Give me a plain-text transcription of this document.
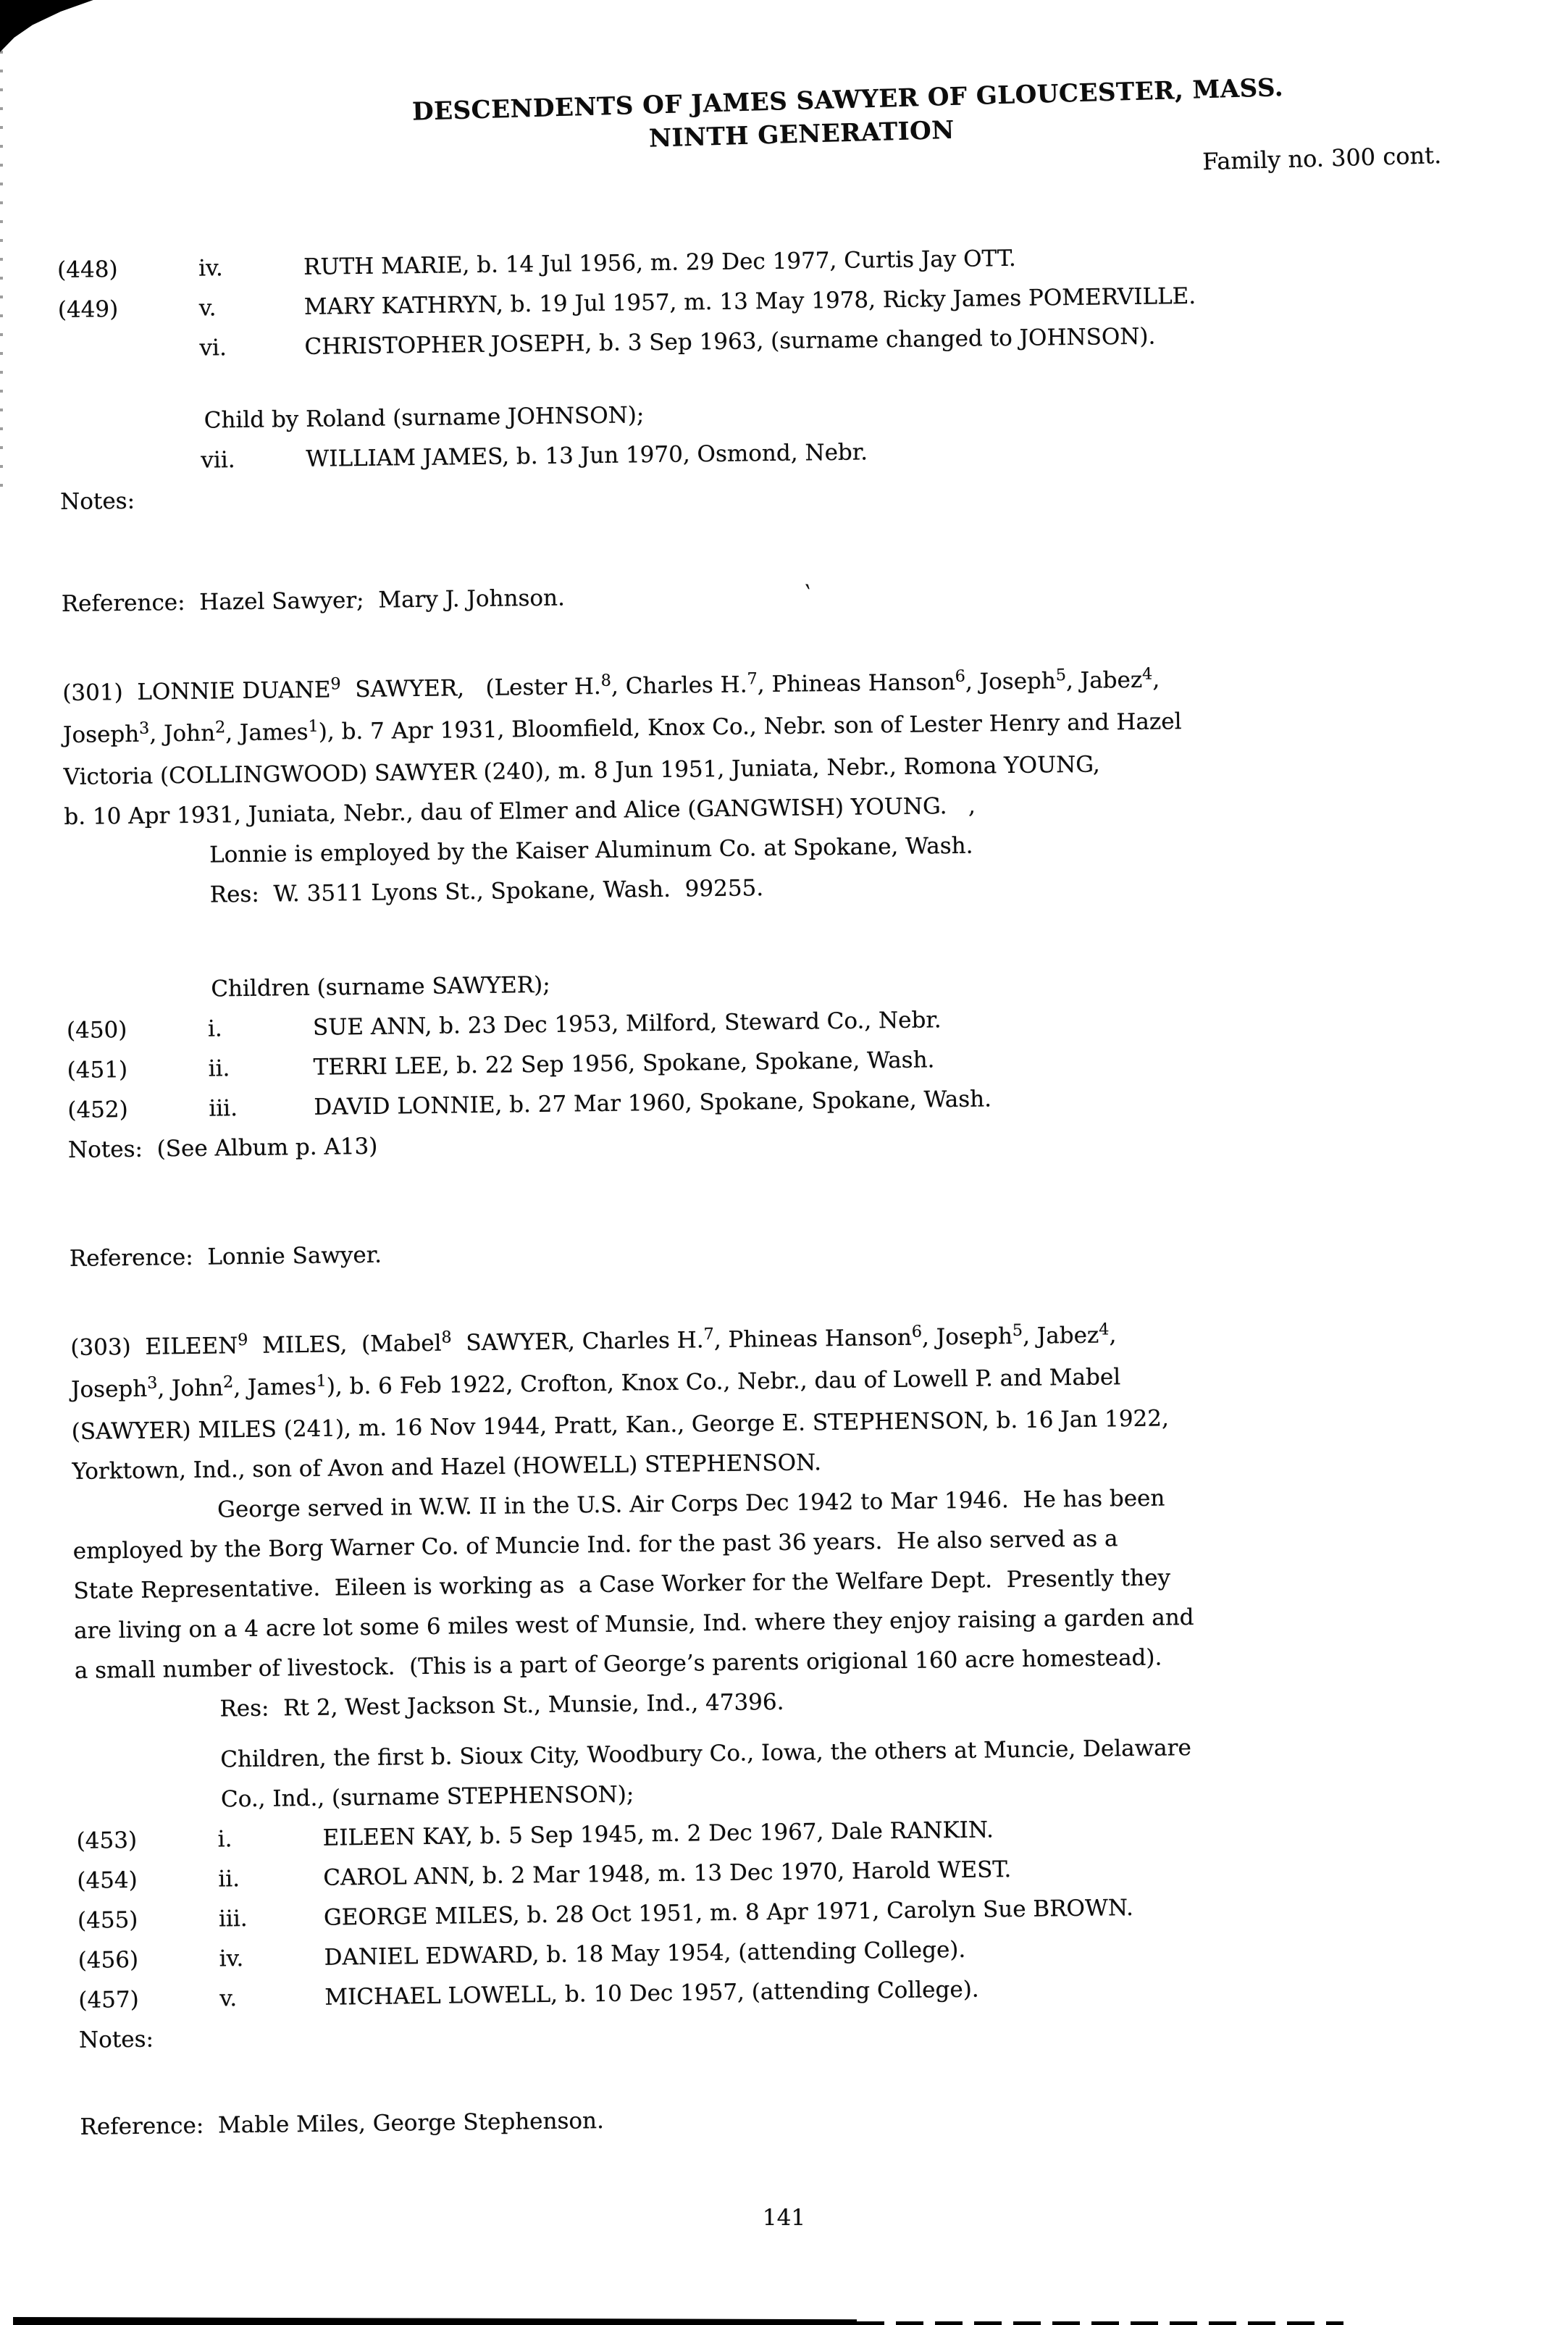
DESCENDENTS OF JAMES SAWYER OF GLOUCESTER, MASS.
NINTH GENERATION
Family no. 300 cont.
(448)	iv.	RUTH MARIE, b. 14 Jul 1956, m. 29 Dec 1977, Curtis Jay OTT.
(449)	v.	MARY KATHRYN, b. 19 Jul 1957, m. 13 May 1978, Ricky James POMERVILLE.
vi.	CHRISTOPHER JOSEPH, b. 3 Sep 1963, (surname changed to JOHNSON).
Child by Roland (surname JOHNSON);
vii.	WILLIAM JAMES, b. 13 Jun 1970, Osmond, Nebr.
Notes:
Reference:  Hazel Sawyer;  Mary J. Johnson.	‵
(301)  LONNIE DUANE$^9$  SAWYER,   (Lester H.$^8$, Charles H.$^7$, Phineas Hanson$^6$, Joseph$^5$, Jabez$^4$,
Joseph$^3$, John$^2$, James$^1$), b. 7 Apr 1931, Bloomfield, Knox Co., Nebr. son of Lester Henry and Hazel
Victoria (COLLINGWOOD) SAWYER (240), m. 8 Jun 1951, Juniata, Nebr., Romona YOUNG,
b. 10 Apr 1931, Juniata, Nebr., dau of Elmer and Alice (GANGWISH) YOUNG.   ,
Lonnie is employed by the Kaiser Aluminum Co. at Spokane, Wash.
Res:  W. 3511 Lyons St., Spokane, Wash.  99255.
Children (surname SAWYER);
(450)	i.	SUE ANN, b. 23 Dec 1953, Milford, Steward Co., Nebr.
(451)	ii.	TERRI LEE, b. 22 Sep 1956, Spokane, Spokane, Wash.
(452)	iii.	DAVID LONNIE, b. 27 Mar 1960, Spokane, Spokane, Wash.
Notes:  (See Album p. A13)
Reference:  Lonnie Sawyer.
(303)  EILEEN$^9$  MILES,  (Mabel$^8$  SAWYER, Charles H.$^7$, Phineas Hanson$^6$, Joseph$^5$, Jabez$^4$,
Joseph$^3$, John$^2$, James$^1$), b. 6 Feb 1922, Crofton, Knox Co., Nebr., dau of Lowell P. and Mabel
(SAWYER) MILES (241), m. 16 Nov 1944, Pratt, Kan., George E. STEPHENSON, b. 16 Jan 1922,
Yorktown, Ind., son of Avon and Hazel (HOWELL) STEPHENSON.
George served in W.W. II in the U.S. Air Corps Dec 1942 to Mar 1946.  He has been
employed by the Borg Warner Co. of Muncie Ind. for the past 36 years.  He also served as a
State Representative.  Eileen is working as  a Case Worker for the Welfare Dept.  Presently they
are living on a 4 acre lot some 6 miles west of Munsie, Ind. where they enjoy raising a garden and
a small number of livestock.  (This is a part of George’s parents origional 160 acre homestead).
Res:  Rt 2, West Jackson St., Munsie, Ind., 47396.
Children, the first b. Sioux City, Woodbury Co., Iowa, the others at Muncie, Delaware
Co., Ind., (surname STEPHENSON);
(453)	i.	EILEEN KAY, b. 5 Sep 1945, m. 2 Dec 1967, Dale RANKIN.
(454)	ii.	CAROL ANN, b. 2 Mar 1948, m. 13 Dec 1970, Harold WEST.
(455)	iii.	GEORGE MILES, b. 28 Oct 1951, m. 8 Apr 1971, Carolyn Sue BROWN.
(456)	iv.	DANIEL EDWARD, b. 18 May 1954, (attending College).
(457)	v.	MICHAEL LOWELL, b. 10 Dec 1957, (attending College).
Notes:
Reference:  Mable Miles, George Stephenson.
141
